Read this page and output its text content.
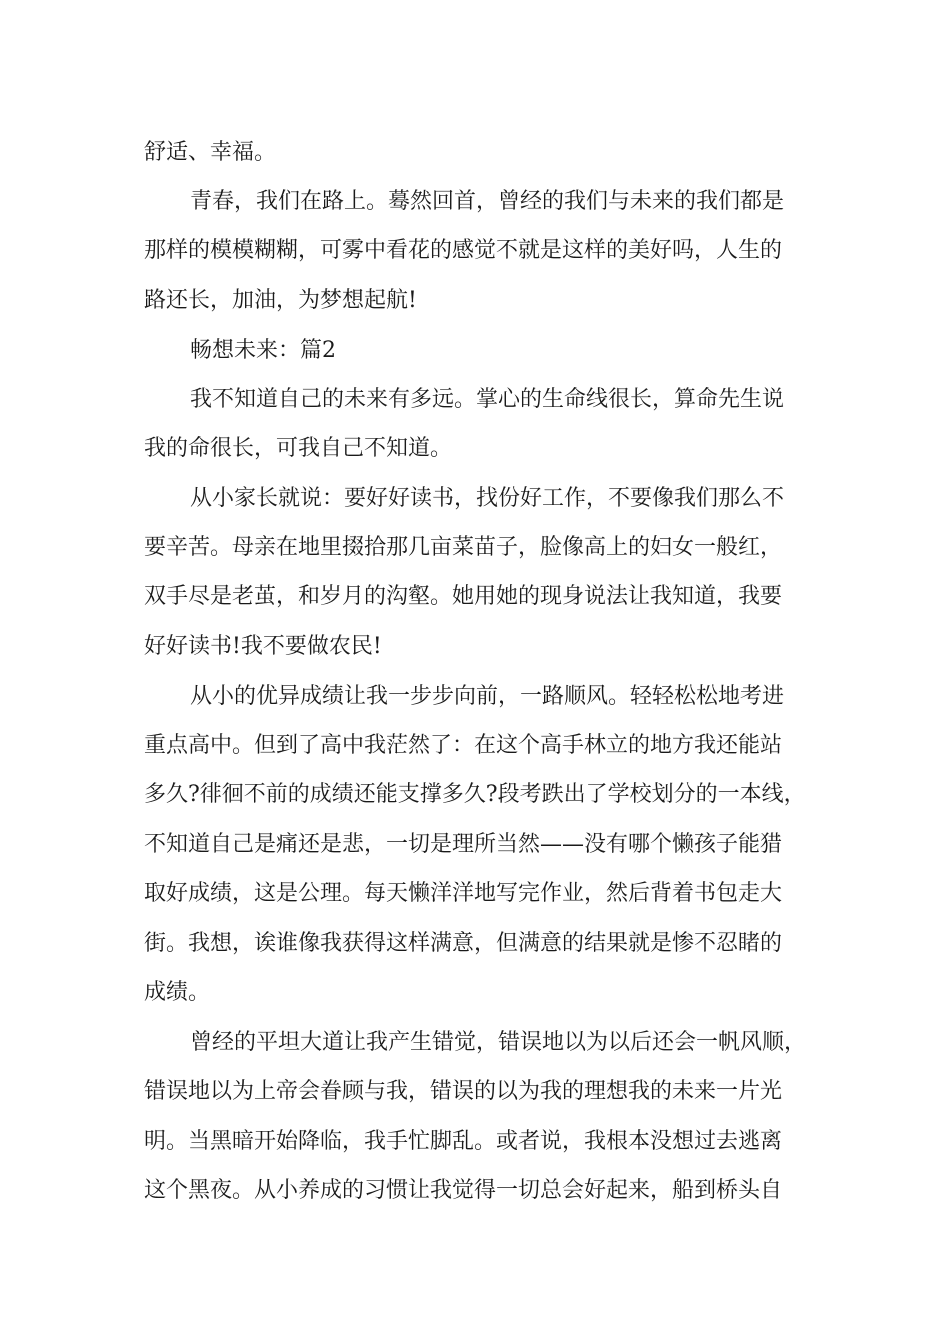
舒适、幸福。

青春，我们在路上。蓦然回首，曾经的我们与未来的我们都是

那样的模模糊糊，可雾中看花的感觉不就是这样的美好吗，人生的

路还长，加油，为梦想起航!

畅想未来：篇2

我不知道自己的未来有多远。掌心的生命线很长，算命先生说

我的命很长，可我自己不知道。

从小家长就说：要好好读书，找份好工作，不要像我们那么不

要辛苦。母亲在地里掇拾那几亩菜苗子，脸像高上的妇女一般红，

双手尽是老茧，和岁月的沟壑。她用她的现身说法让我知道，我要

好好读书!我不要做农民!

从小的优异成绩让我一步步向前，一路顺风。轻轻松松地考进

重点高中。但到了高中我茫然了：在这个高手林立的地方我还能站

多久?徘徊不前的成绩还能支撑多久?段考跌出了学校划分的一本线，

不知道自己是痛还是悲，一切是理所当然——没有哪个懒孩子能猎

取好成绩，这是公理。每天懒洋洋地写完作业，然后背着书包走大

街。我想，诶谁像我获得这样满意，但满意的结果就是惨不忍睹的

成绩。

曾经的平坦大道让我产生错觉，错误地以为以后还会一帆风顺，

错误地以为上帝会眷顾与我，错误的以为我的理想我的未来一片光

明。当黑暗开始降临，我手忙脚乱。或者说，我根本没想过去逃离

这个黑夜。从小养成的习惯让我觉得一切总会好起来，船到桥头自
